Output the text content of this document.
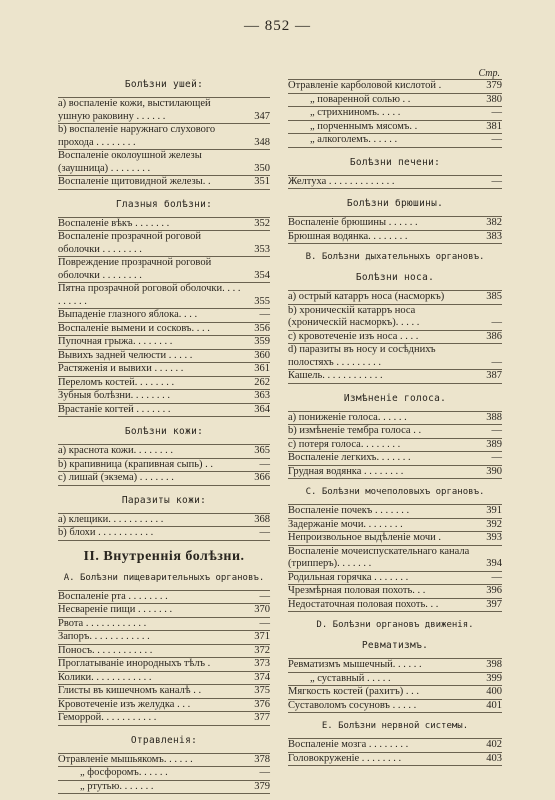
— 852 —
Болѣзни ушей:
a) воспаленіе кожи, выстилающей ушную раковину . . . . . .	347
b) воспаленіе наружнаго слухового прохода . . . . . . . .	348
Воспаленіе околоушной железы (заушница) . . . . . . . .	350
Воспаленіе щитовидной железы. .	351
Глазныя болѣзни:
Воспаленіе вѣкъ . . . . . . .	352
Воспаленіе прозрачной роговой оболочки . . . . . . . .	353
Повреждение прозрачной роговой оболочки . . . . . . . .	354
Пятна прозрачной роговой оболочки. . . . . . . . . .	355
Выпаденіе глазного яблока. . . .	—
Воспаленіе вымени и сосковъ. . . .	356
Пупочная грыжа. . . . . . . .	359
Вывихъ задней челюсти . . . . .	360
Растяженія и вывихи . . . . . .	361
Переломъ костей. . . . . . . .	262
Зубныя болѣзни. . . . . . . .	363
Врастаніе когтей . . . . . . .	364
Болѣзни кожи:
a) краснота кожи. . . . . . . .	365
b) крапивница (крапивная сыпь) . .	—
c) лишай (экзема) . . . . . . .	366
Паразиты кожи:
a) клещики. . . . . . . . . . .	368
b) блохи . . . . . . . . . . .	—
II. Внутреннія болѣзни.
A. Болѣзни пищеварительныхъ органовъ.
Воспаленіе рта . . . . . . . .	—
Несвареніе пищи . . . . . . .	370
Рвота . . . . . . . . . . . .	—
Запоръ. . . . . . . . . . . .	371
Поносъ. . . . . . . . . . . .	372
Проглатываніе инородныхъ тѣлъ .	373
Колики. . . . . . . . . . . .	374
Глисты въ кишечномъ каналѣ . .	375
Кровотеченіе изъ желудка . . .	376
Геморрой. . . . . . . . . . .	377
Отравленія:
Отравленіе мышьякомъ. . . . . .	378
„ фосфоромъ. . . . . .	—
„ ртутью. . . . . . .	379
Стр.
Отравленіе карболовой кислотой .	379
„ поваренной солью . .	380
„ стрихниномъ. . . . .	—
„ порченнымъ мясомъ. .	381
„ алкоголемъ. . . . . .	—
Болѣзни печени:
Желтуха . . . . . . . . . . . . .	—
Болѣзни брюшины.
Воспаленіе брюшины . . . . . .	382
Брюшная водянка. . . . . . . .	383
B. Болѣзни дыхательныхъ органовъ.
Болѣзни носа.
a) острый катарръ носа (насморкъ)	385
b) хроническій катарръ носа (хроническій насморкъ). . . . .	—
c) кровотеченіе изъ носа . . . .	386
d) паразиты въ носу и сосѣднихъ полостяхъ . . . . . . . . .	—
Кашель. . . . . . . . . . . .	387
Измѣненіе голоса.
a) пониженіе голоса. . . . . .	388
b) измѣненіе тембра голоса . .	—
c) потеря голоса. . . . . . . .	389
Воспаленіе легкихъ. . . . . . .	—
Грудная водянка . . . . . . . .	390
C. Болѣзни мочеполовыхъ органовъ.
Воспаленіе почекъ . . . . . . .	391
Задержаніе мочи. . . . . . . .	392
Непроизвольное выдѣленіе мочи .	393
Воспаленіе мочеиспускательнаго канала (трипперъ). . . . . . .	394
Родильная горячка . . . . . . .	—
Чрезмѣрная половая похоть. . .	396
Недостаточная половая похоть. . .	397
D. Болѣзни органовъ движенія.
Ревматизмъ.
Ревматизмъ мышечный. . . . . .	398
„ суставный . . . . .	399
Мягкость костей (рахитъ) . . .	400
Суставоломъ сосуновъ . . . . .	401
E. Болѣзни нервной системы.
Воспаленіе мозга . . . . . . . .	402
Головокруженіе . . . . . . . .	403
